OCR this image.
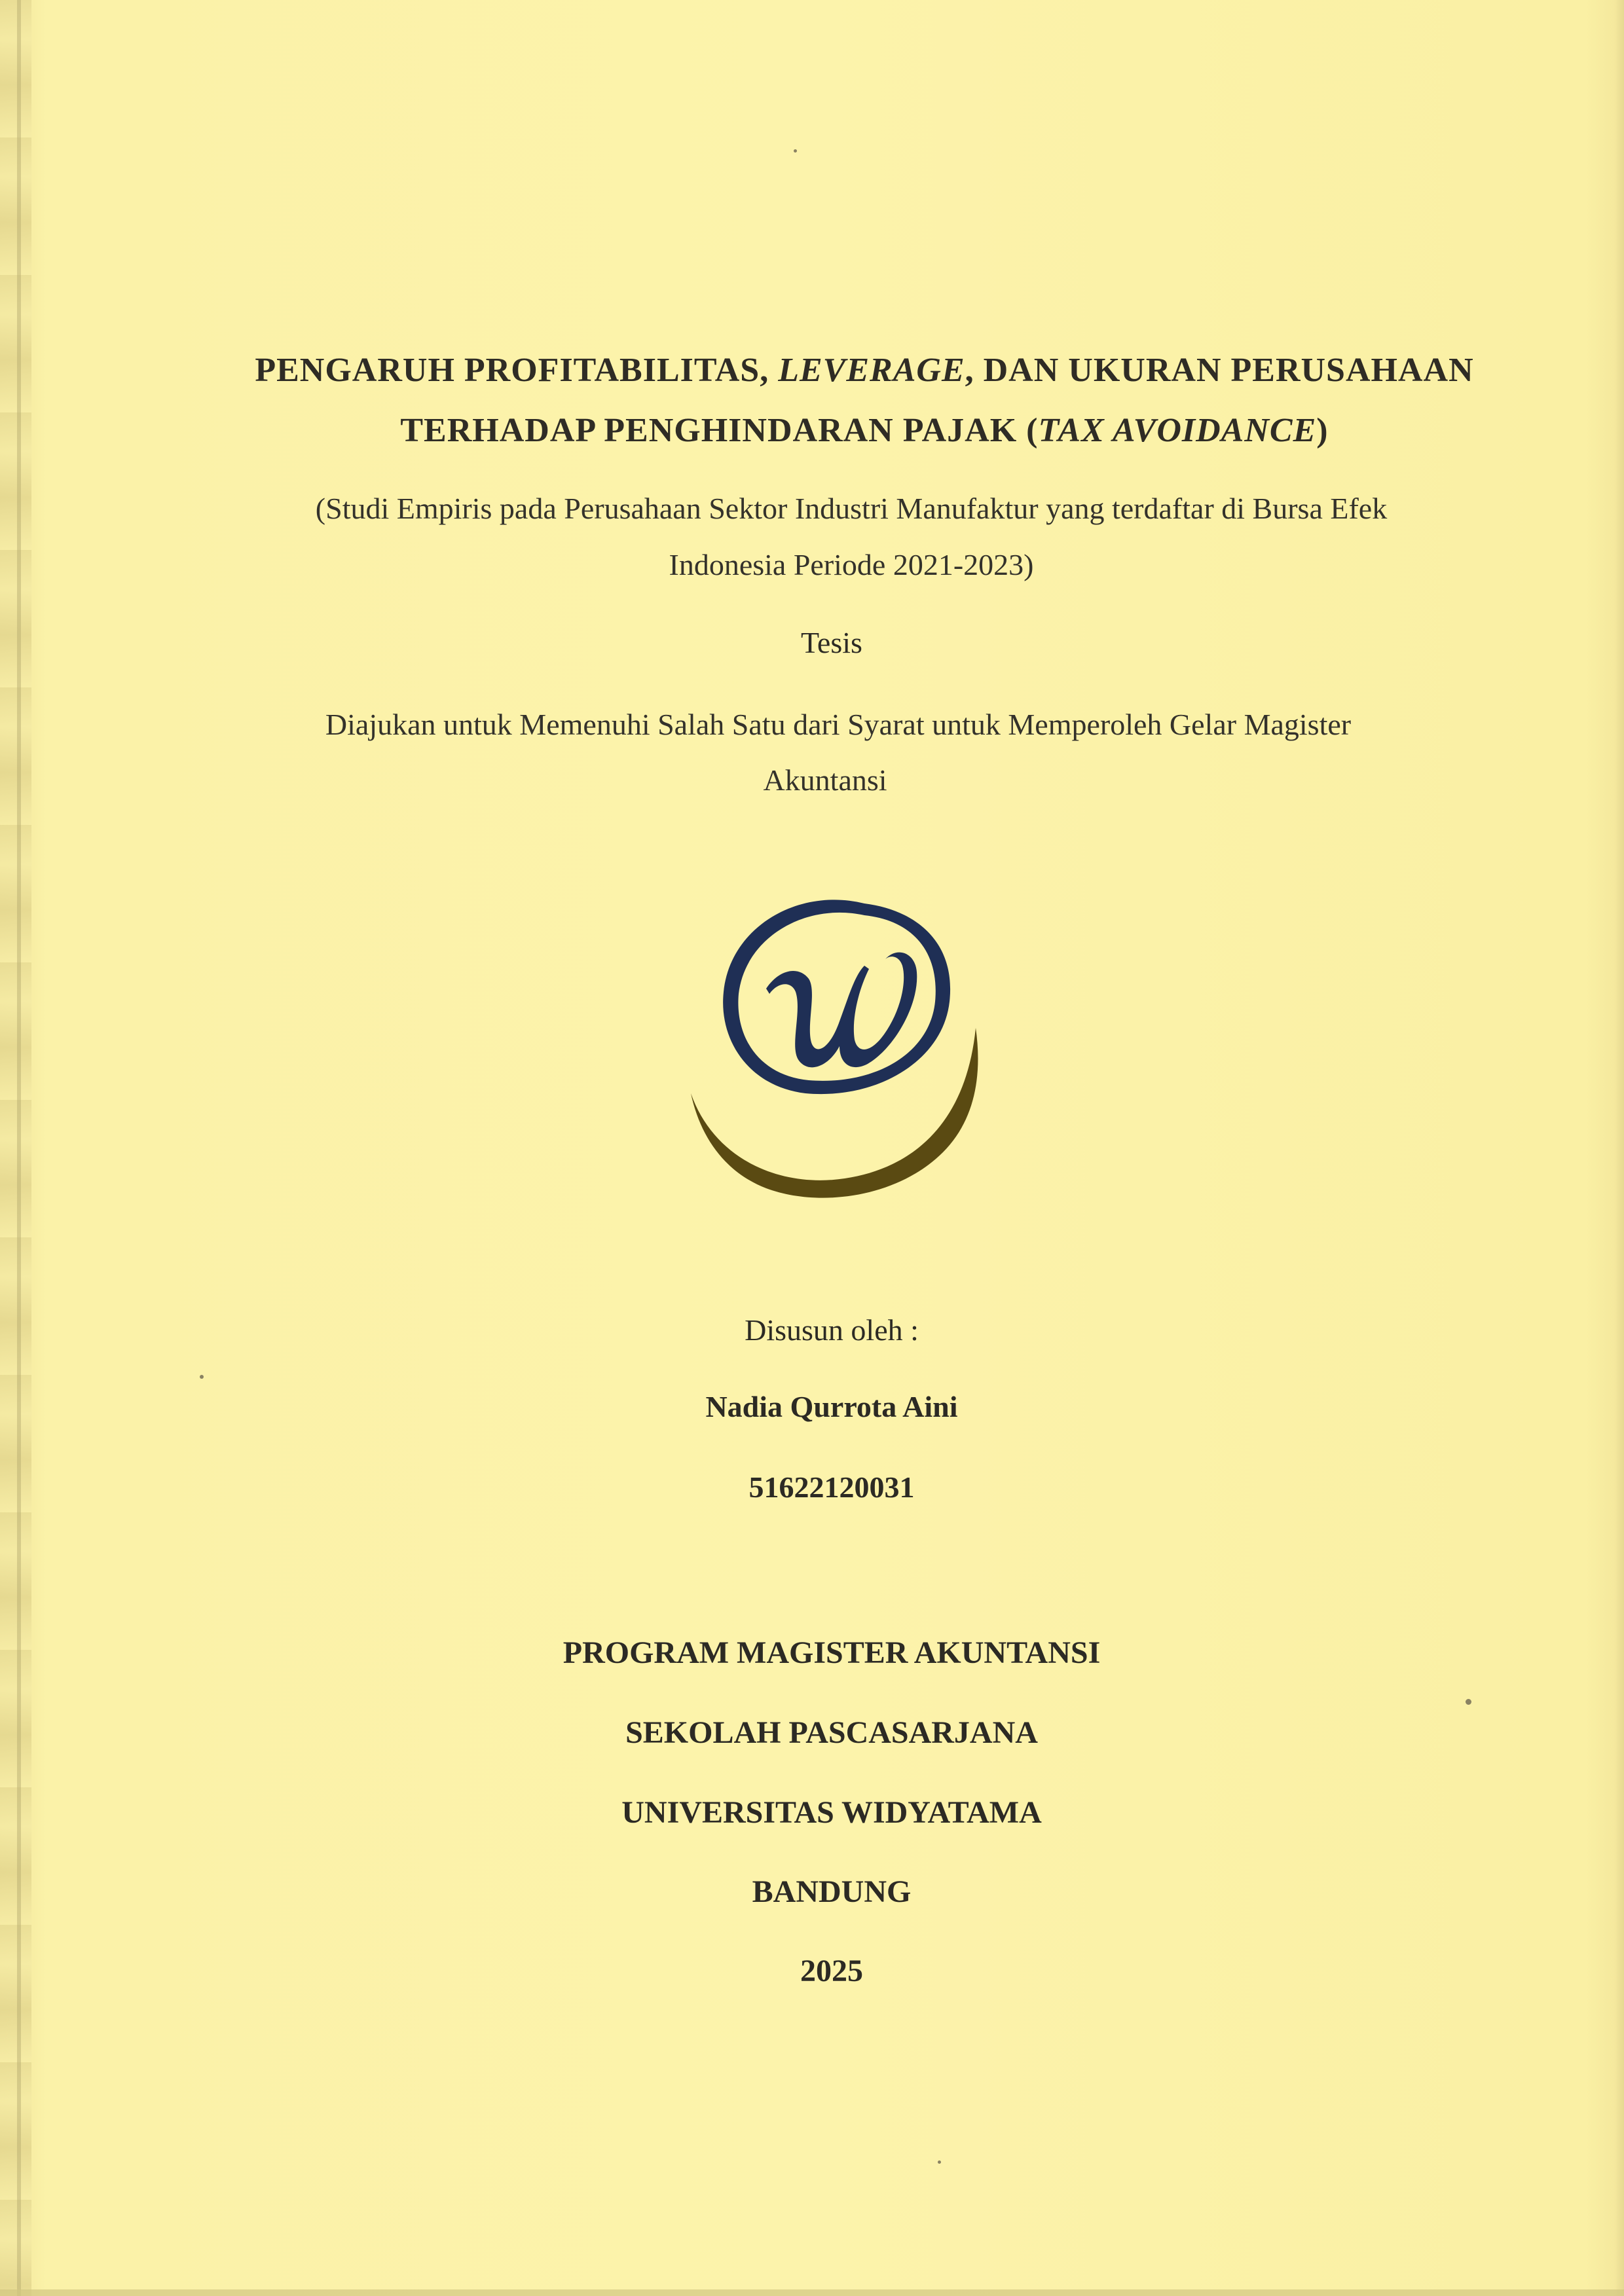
PENGARUH PROFITABILITAS, LEVERAGE, DAN UKURAN PERUSAHAAN
TERHADAP PENGHINDARAN PAJAK (TAX AVOIDANCE)
(Studi Empiris pada Perusahaan Sektor Industri Manufaktur yang terdaftar di Bursa Efek
Indonesia Periode 2021-2023)
Tesis
Diajukan untuk Memenuhi Salah Satu dari Syarat untuk Memperoleh Gelar Magister
Akuntansi
Disusun oleh :
Nadia Qurrota Aini
51622120031
PROGRAM MAGISTER AKUNTANSI
SEKOLAH PASCASARJANA
UNIVERSITAS WIDYATAMA
BANDUNG
2025
